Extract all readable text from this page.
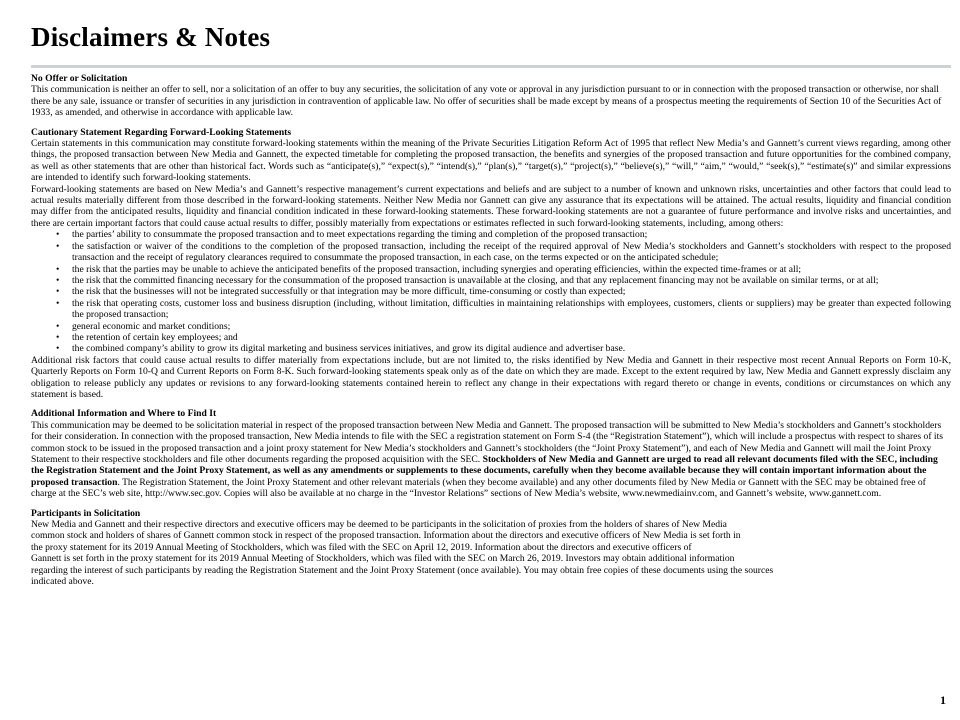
Disclaimers & Notes

No Offer or Solicitation

This communication is neither an offer to sell, nor a solicitation of an offer to buy any securities, the solicitation of any vote or approval in any jurisdiction pursuant to or in connection with the proposed transaction or otherwise, nor shall there be any sale, issuance or transfer of securities in any jurisdiction in contravention of applicable law. No offer of securities shall be made except by means of a prospectus meeting the requirements of Section 10 of the Securities Act of 1933, as amended, and otherwise in accordance with applicable law.

Cautionary Statement Regarding Forward-Looking Statements

Certain statements in this communication may constitute forward-looking statements within the meaning of the Private Securities Litigation Reform Act of 1995 that reflect New Media’s and Gannett’s current views regarding, among other things, the proposed transaction between New Media and Gannett, the expected timetable for completing the proposed transaction, the benefits and synergies of the proposed transaction and future opportunities for the combined company, as well as other statements that are other than historical fact. Words such as “anticipate(s),” “expect(s),” “intend(s),” “plan(s),” “target(s),” “project(s),” “believe(s),” “will,” “aim,” “would,” “seek(s),” “estimate(s)” and similar expressions are intended to identify such forward-looking statements.

Forward-looking statements are based on New Media’s and Gannett’s respective management’s current expectations and beliefs and are subject to a number of known and unknown risks, uncertainties and other factors that could lead to actual results materially different from those described in the forward-looking statements. Neither New Media nor Gannett can give any assurance that its expectations will be attained. The actual results, liquidity and financial condition may differ from the anticipated results, liquidity and financial condition indicated in these forward-looking statements. These forward-looking statements are not a guarantee of future performance and involve risks and uncertainties, and there are certain important factors that could cause actual results to differ, possibly materially from expectations or estimates reflected in such forward-looking statements, including, among others:

• the parties’ ability to consummate the proposed transaction and to meet expectations regarding the timing and completion of the proposed transaction;
• the satisfaction or waiver of the conditions to the completion of the proposed transaction, including the receipt of the required approval of New Media’s stockholders and Gannett’s stockholders with respect to the proposed transaction and the receipt of regulatory clearances required to consummate the proposed transaction, in each case, on the terms expected or on the anticipated schedule;
• the risk that the parties may be unable to achieve the anticipated benefits of the proposed transaction, including synergies and operating efficiencies, within the expected time-frames or at all;
• the risk that the committed financing necessary for the consummation of the proposed transaction is unavailable at the closing, and that any replacement financing may not be available on similar terms, or at all;
• the risk that the businesses will not be integrated successfully or that integration may be more difficult, time-consuming or costly than expected;
• the risk that operating costs, customer loss and business disruption (including, without limitation, difficulties in maintaining relationships with employees, customers, clients or suppliers) may be greater than expected following the proposed transaction;
• general economic and market conditions;
• the retention of certain key employees; and
• the combined company’s ability to grow its digital marketing and business services initiatives, and grow its digital audience and advertiser base.

Additional risk factors that could cause actual results to differ materially from expectations include, but are not limited to, the risks identified by New Media and Gannett in their respective most recent Annual Reports on Form 10-K, Quarterly Reports on Form 10-Q and Current Reports on Form 8-K. Such forward-looking statements speak only as of the date on which they are made. Except to the extent required by law, New Media and Gannett expressly disclaim any obligation to release publicly any updates or revisions to any forward-looking statements contained herein to reflect any change in their expectations with regard thereto or change in events, conditions or circumstances on which any statement is based.

Additional Information and Where to Find It

This communication may be deemed to be solicitation material in respect of the proposed transaction between New Media and Gannett. The proposed transaction will be submitted to New Media’s stockholders and Gannett’s stockholders for their consideration. In connection with the proposed transaction, New Media intends to file with the SEC a registration statement on Form S-4 (the “Registration Statement”), which will include a prospectus with respect to shares of its common stock to be issued in the proposed transaction and a joint proxy statement for New Media’s stockholders and Gannett’s stockholders (the “Joint Proxy Statement”), and each of New Media and Gannett will mail the Joint Proxy Statement to their respective stockholders and file other documents regarding the proposed acquisition with the SEC. Stockholders of New Media and Gannett are urged to read all relevant documents filed with the SEC, including the Registration Statement and the Joint Proxy Statement, as well as any amendments or supplements to these documents, carefully when they become available because they will contain important information about the proposed transaction. The Registration Statement, the Joint Proxy Statement and other relevant materials (when they become available) and any other documents filed by New Media or Gannett with the SEC may be obtained free of charge at the SEC’s web site, http://www.sec.gov. Copies will also be available at no charge in the “Investor Relations” sections of New Media’s website, www.newmediainv.com, and Gannett’s website, www.gannett.com.

Participants in Solicitation

New Media and Gannett and their respective directors and executive officers may be deemed to be participants in the solicitation of proxies from the holders of shares of New Media
common stock and holders of shares of Gannett common stock in respect of the proposed transaction. Information about the directors and executive officers of New Media is set forth in
the proxy statement for its 2019 Annual Meeting of Stockholders, which was filed with the SEC on April 12, 2019. Information about the directors and executive officers of
Gannett is set forth in the proxy statement for its 2019 Annual Meeting of Stockholders, which was filed with the SEC on March 26, 2019. Investors may obtain additional information
regarding the interest of such participants by reading the Registration Statement and the Joint Proxy Statement (once available). You may obtain free copies of these documents using the sources
indicated above.

1
